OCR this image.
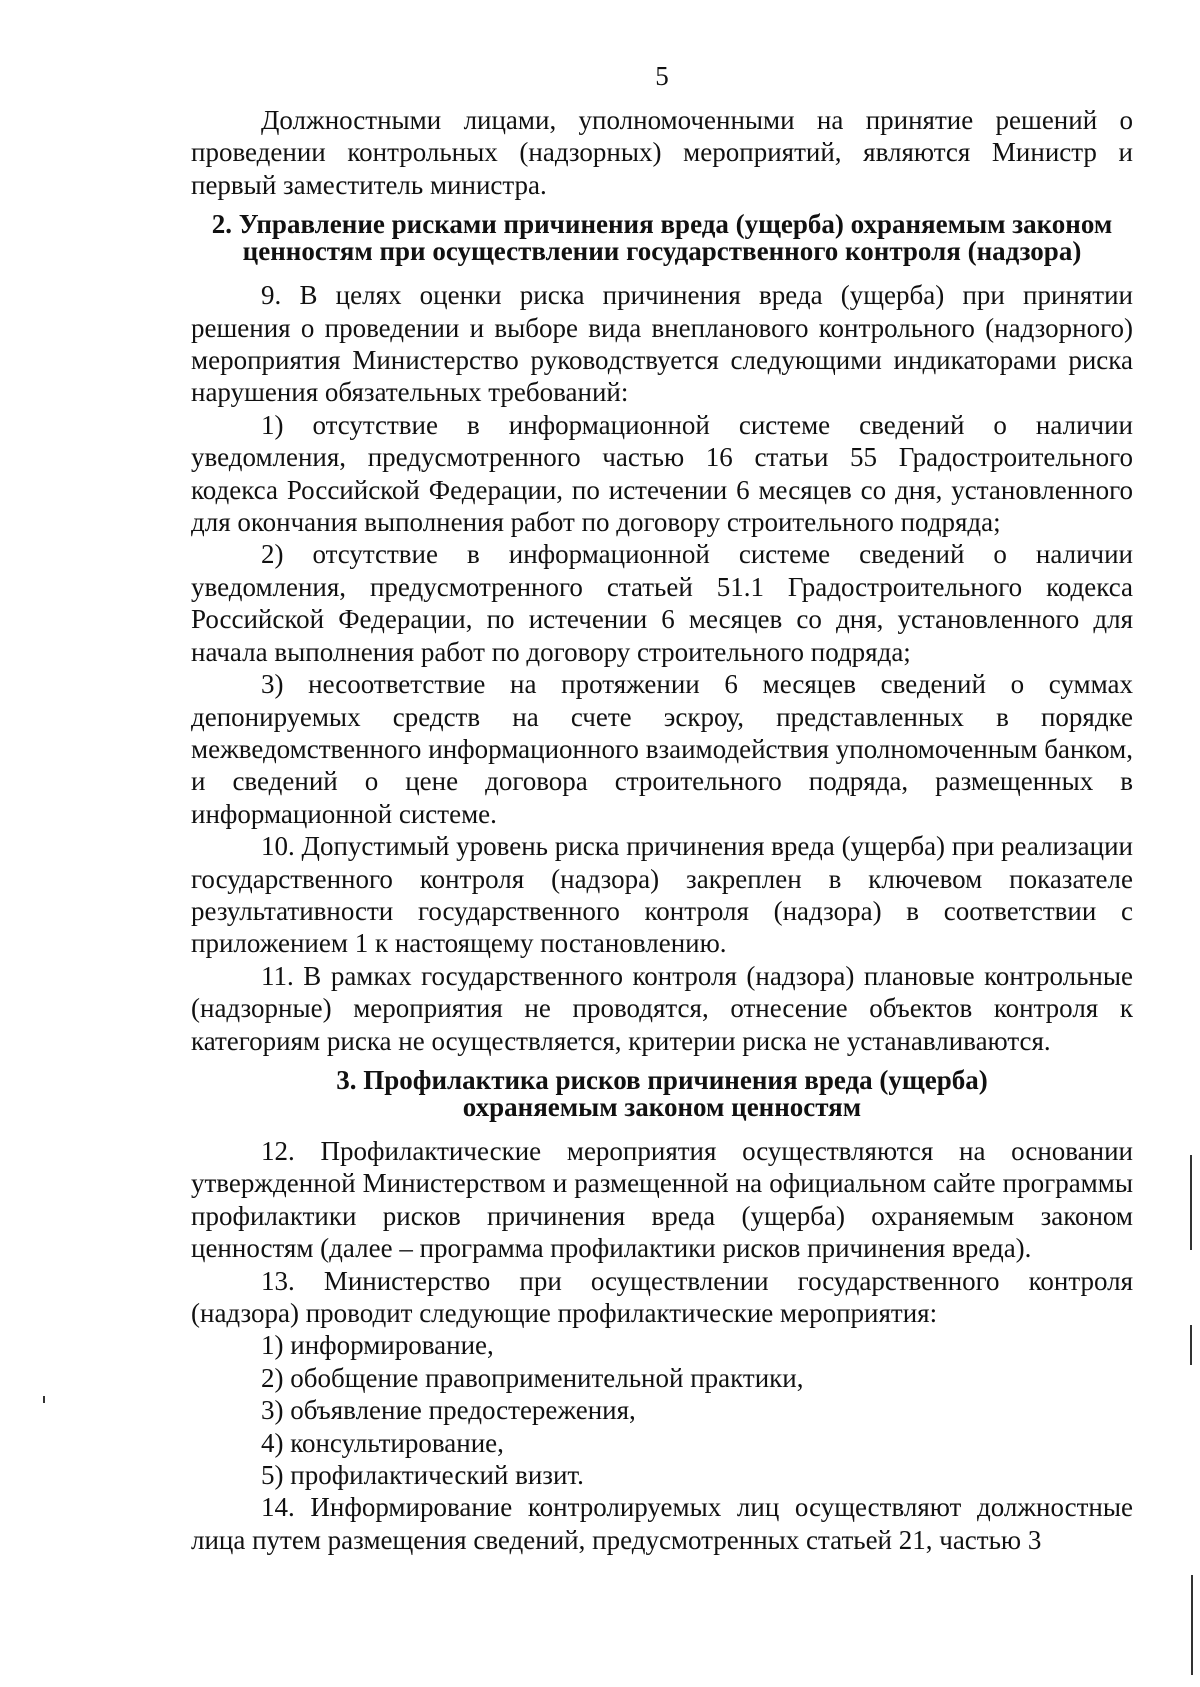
5

Должностными лицами, уполномоченными на принятие решений о проведении контрольных (надзорных) мероприятий, являются Министр и первый заместитель министра.

2. Управление рисками причинения вреда (ущерба) охраняемым законом
ценностям при осуществлении государственного контроля (надзора)

9. В целях оценки риска причинения вреда (ущерба) при принятии решения о проведении и выборе вида внепланового контрольного (надзорного) мероприятия Министерство руководствуется следующими индикаторами риска нарушения обязательных требований:

1) отсутствие в информационной системе сведений о наличии уведомления, предусмотренного частью 16 статьи 55 Градостроительного кодекса Российской Федерации, по истечении 6 месяцев со дня, установленного для окончания выполнения работ по договору строительного подряда;

2) отсутствие в информационной системе сведений о наличии уведомления, предусмотренного статьей 51.1 Градостроительного кодекса Российской Федерации, по истечении 6 месяцев со дня, установленного для начала выполнения работ по договору строительного подряда;

3) несоответствие на протяжении 6 месяцев сведений о суммах депонируемых средств на счете эскроу, представленных в порядке межведомственного информационного взаимодействия уполномоченным банком, и сведений о цене договора строительного подряда, размещенных в информационной системе.

10. Допустимый уровень риска причинения вреда (ущерба) при реализации государственного контроля (надзора) закреплен в ключевом показателе результативности государственного контроля (надзора) в соответствии с приложением 1 к настоящему постановлению.

11. В рамках государственного контроля (надзора) плановые контрольные (надзорные) мероприятия не проводятся, отнесение объектов контроля к категориям риска не осуществляется, критерии риска не устанавливаются.

3. Профилактика рисков причинения вреда (ущерба)
охраняемым законом ценностям

12. Профилактические мероприятия осуществляются на основании утвержденной Министерством и размещенной на официальном сайте программы профилактики рисков причинения вреда (ущерба) охраняемым законом ценностям (далее – программа профилактики рисков причинения вреда).

13. Министерство при осуществлении государственного контроля (надзора) проводит следующие профилактические мероприятия:

1) информирование,

2) обобщение правоприменительной практики,

3) объявление предостережения,

4) консультирование,

5) профилактический визит.

14. Информирование контролируемых лиц осуществляют должностные лица путем размещения сведений, предусмотренных статьей 21, частью 3
